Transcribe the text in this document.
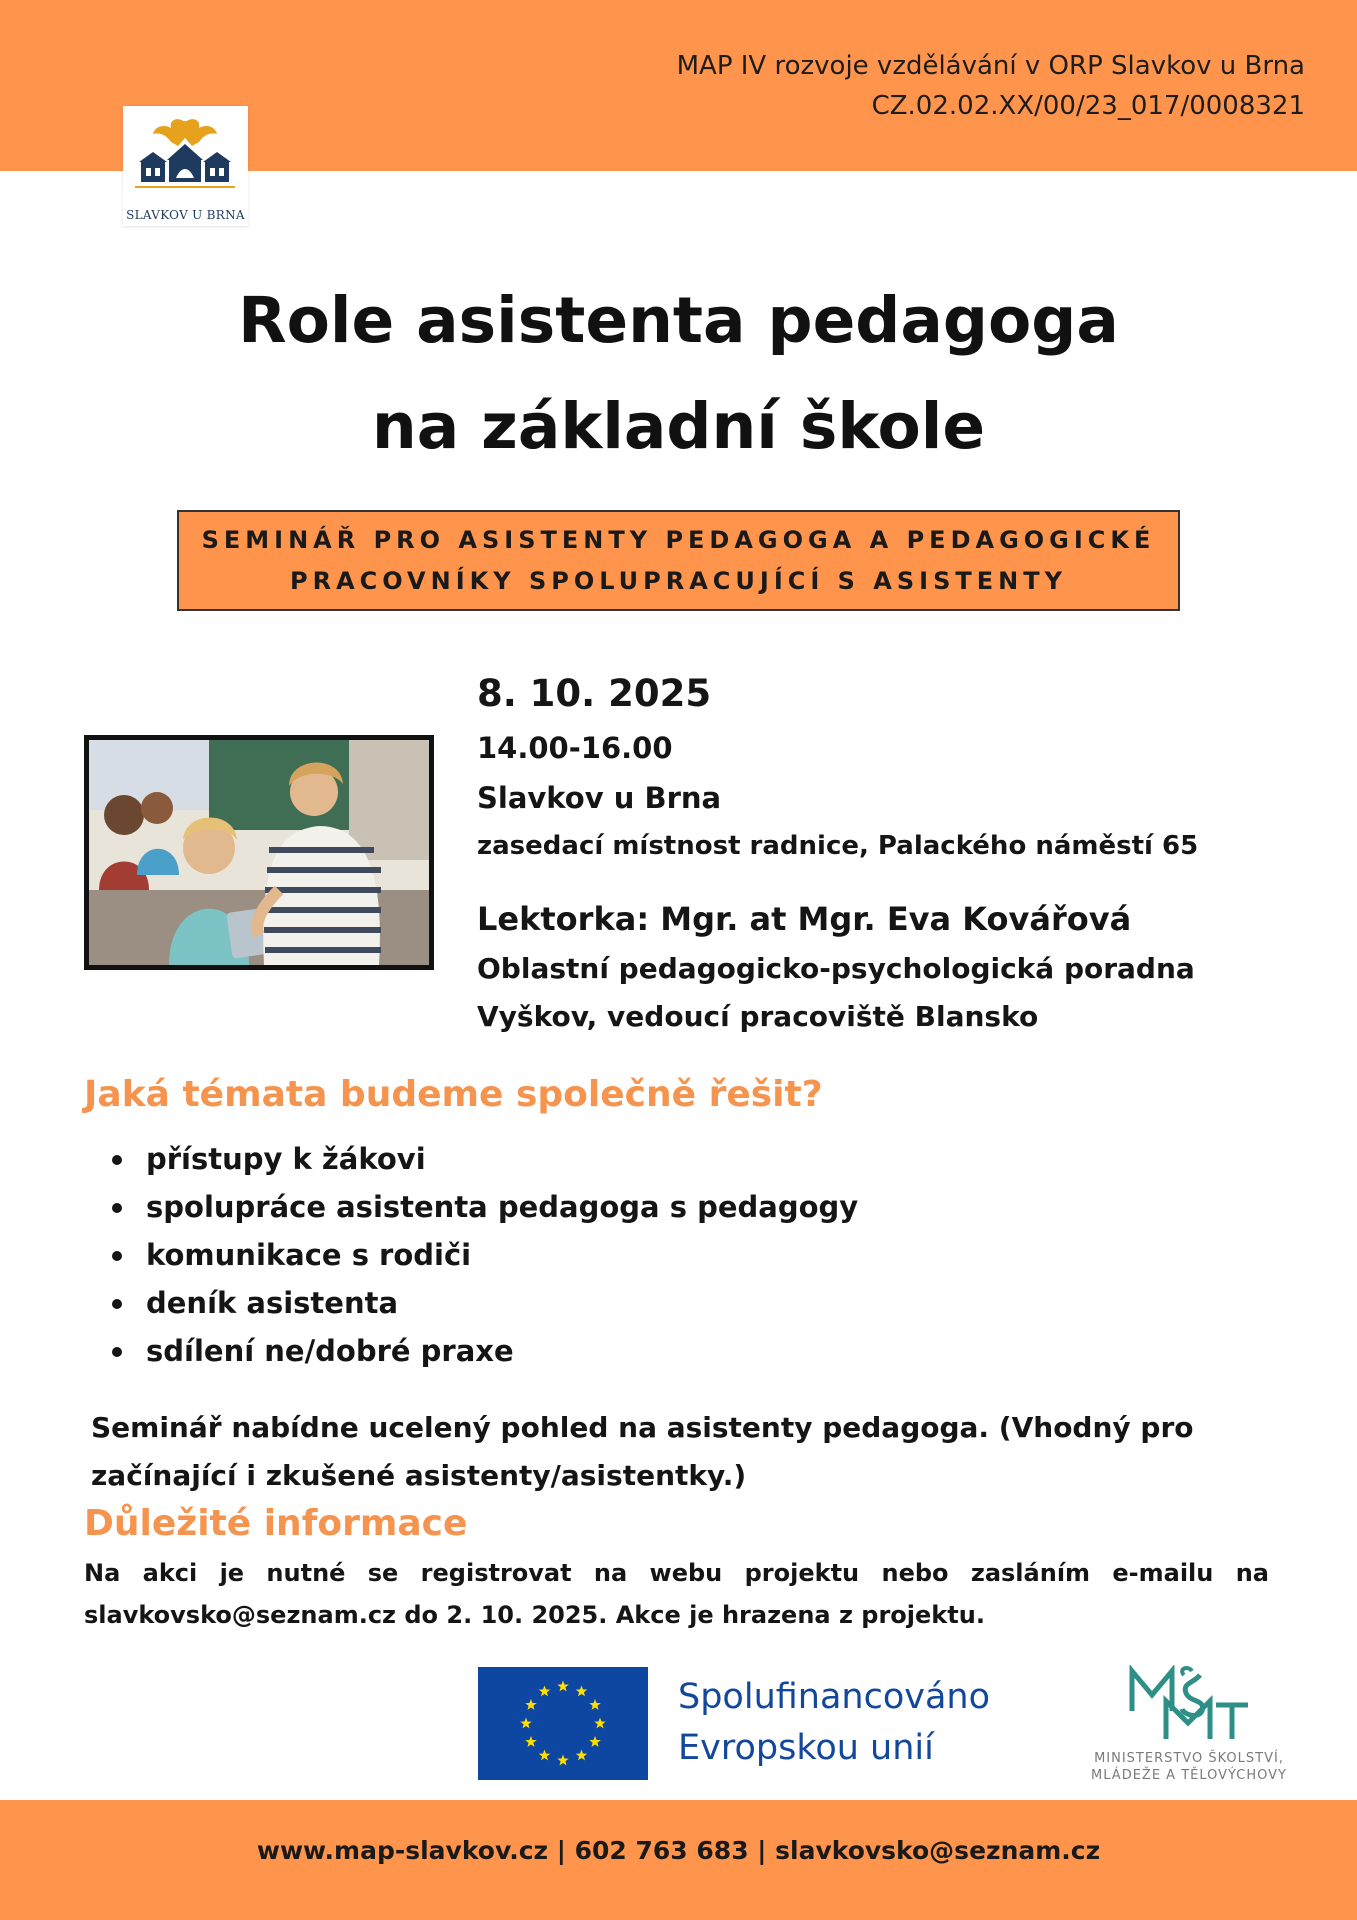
MAP IV rozvoje vzdělávání v ORP Slavkov u Brna
CZ.02.02.XX/00/23_017/0008321
SLAVKOV U BRNA
Role asistenta pedagoga
na základní škole
SEMINÁŘ PRO ASISTENTY PEDAGOGA A PEDAGOGICKÉ
PRACOVNÍKY SPOLUPRACUJÍCÍ S ASISTENTY
8. 10. 2025
14.00-16.00
Slavkov u Brna
zasedací místnost radnice, Palackého náměstí 65
Lektorka: Mgr. at Mgr. Eva Kovářová
Oblastní pedagogicko-psychologická poradna
Vyškov, vedoucí pracoviště Blansko
Jaká témata budeme společně řešit?
přístupy k žákovi
spolupráce asistenta pedagoga s pedagogy
komunikace s rodiči
deník asistenta
sdílení ne/dobré praxe

Seminář nabídne ucelený pohled na asistenty pedagoga. (Vhodný pro začínající i zkušené asistenty/asistentky.)

Důležité informace

Na akci je nutné se registrovat na webu projektu nebo zasláním e-mailu na slavkovsko@seznam.cz do 2. 10. 2025. Akce je hrazena z projektu.

Spolufinancováno
Evropskou unií	MINISTERSTVO ŠKOLSTVÍ,
MLÁDEŽE A TĚLOVÝCHOVY
www.map-slavkov.cz | 602 763 683 | slavkovsko@seznam.cz
